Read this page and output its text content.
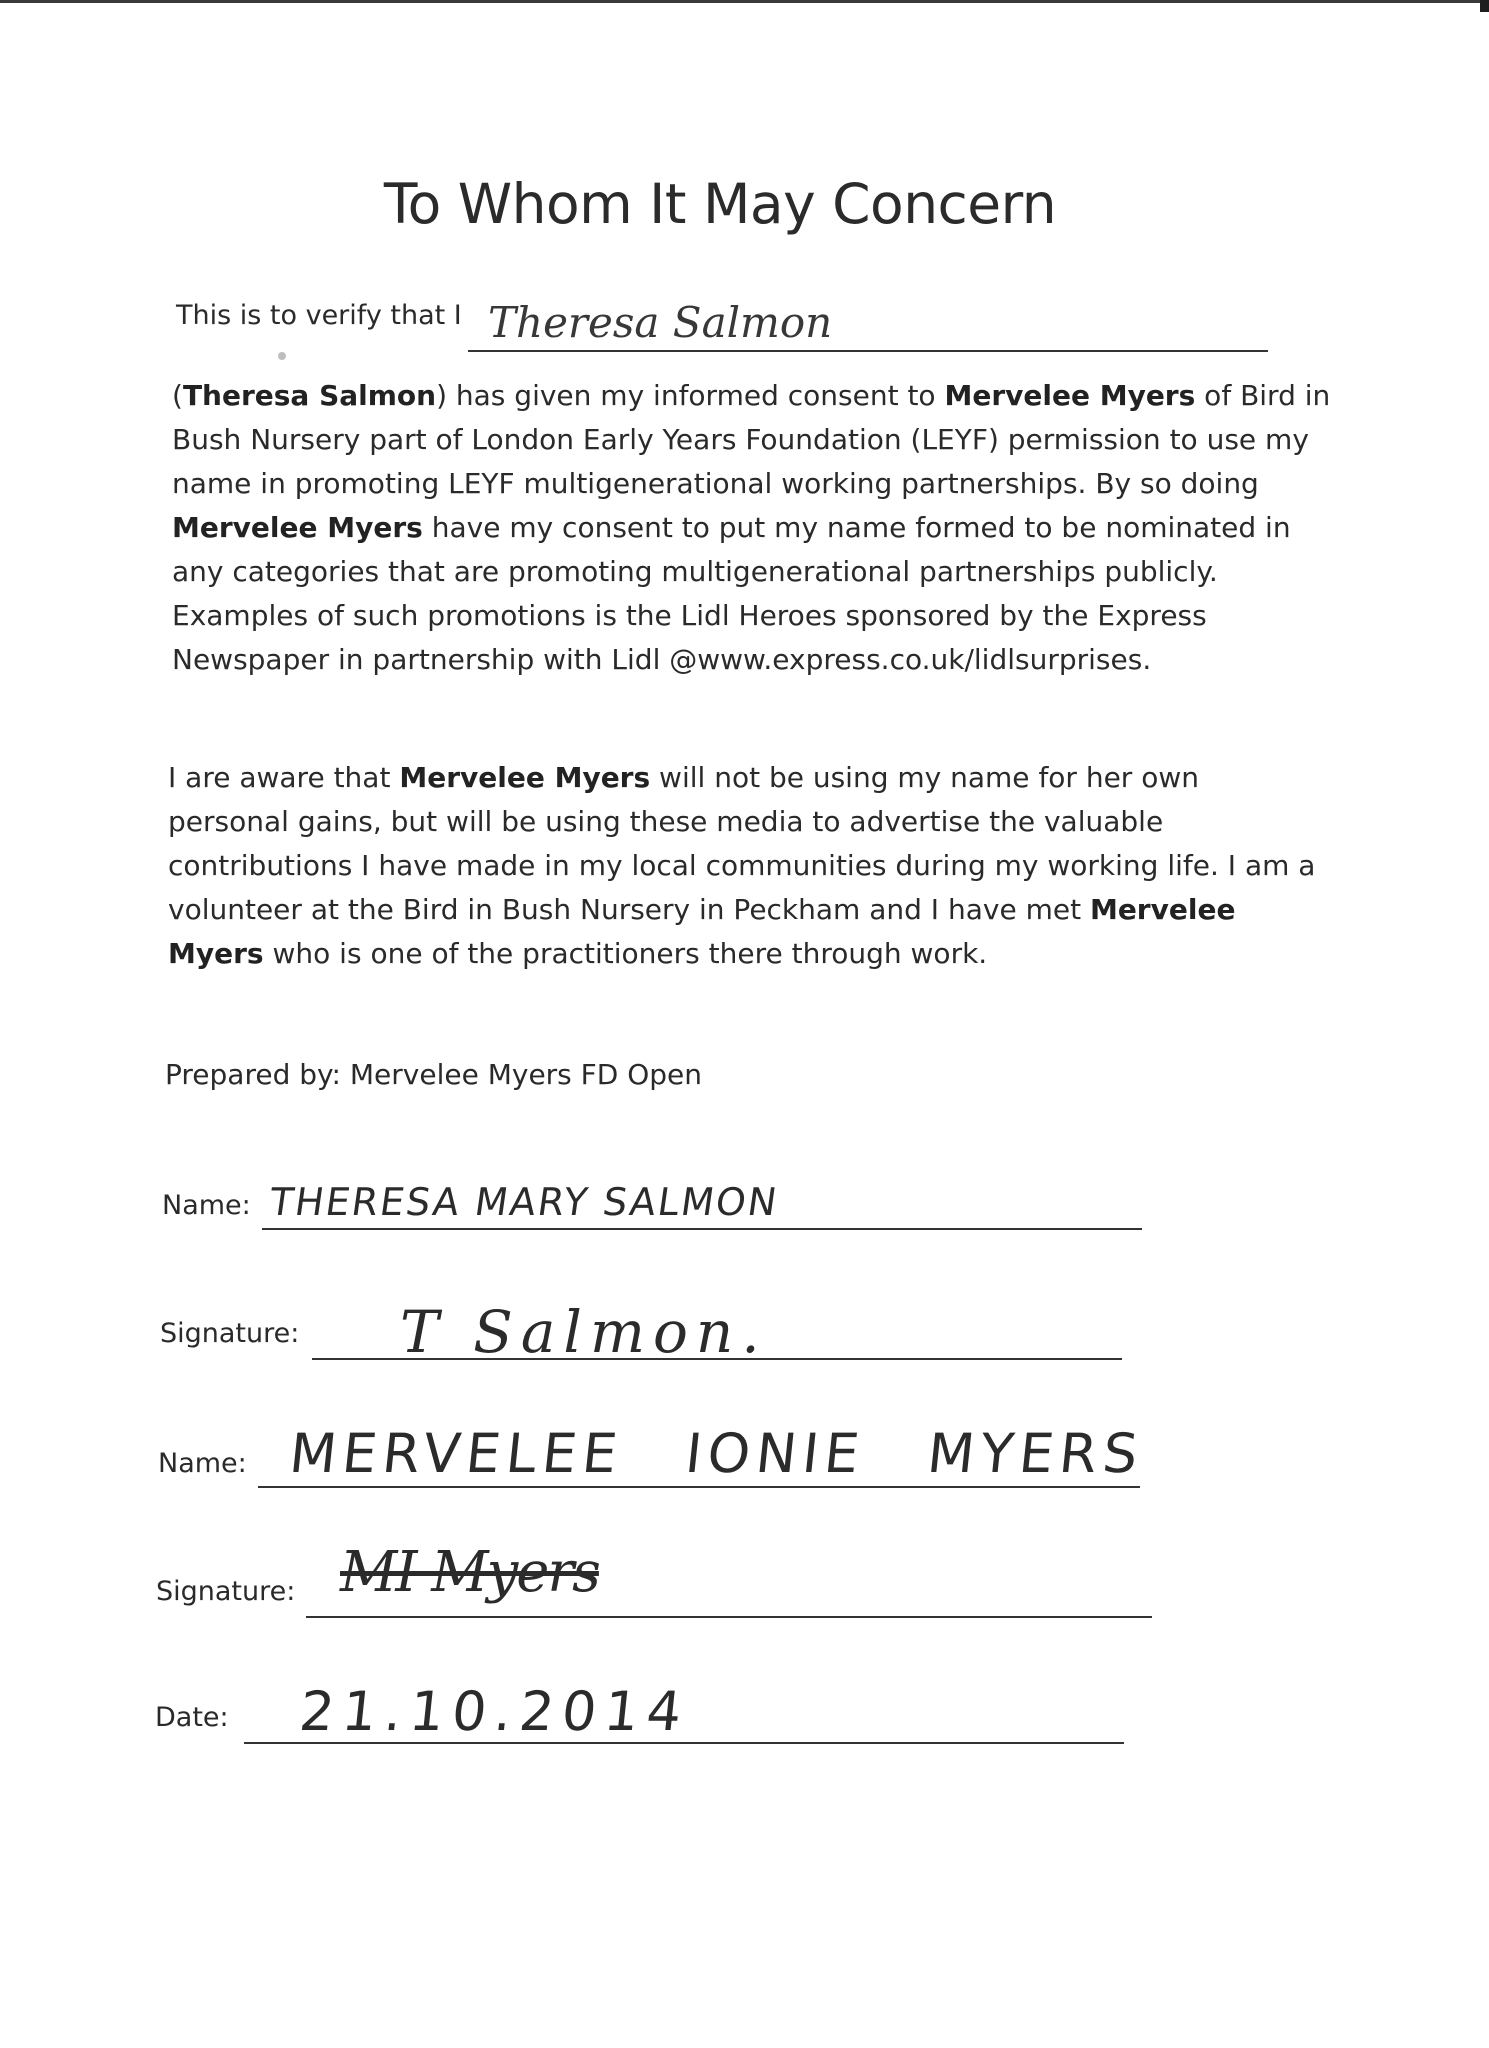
To Whom It May Concern
This is to verify that I Theresa Salmon
(Theresa Salmon) has given my informed consent to Mervelee Myers of Bird in Bush Nursery part of London Early Years Foundation (LEYF) permission to use my name in promoting LEYF multigenerational working partnerships. By so doing Mervelee Myers have my consent to put my name formed to be nominated in any categories that are promoting multigenerational partnerships publicly. Examples of such promotions is the Lidl Heroes sponsored by the Express Newspaper in partnership with Lidl @www.express.co.uk/lidlsurprises.
I are aware that Mervelee Myers will not be using my name for her own personal gains, but will be using these media to advertise the valuable contributions I have made in my local communities during my working life. I am a volunteer at the Bird in Bush Nursery in Peckham and I have met Mervelee Myers who is one of the practitioners there through work.
Prepared by: Mervelee Myers FD Open
Name: THERESA MARY SALMON
Signature: T Salmon.
Name: MERVELEE IONIE MYERS
Signature: MI Myers
Date: 21.10.2014
